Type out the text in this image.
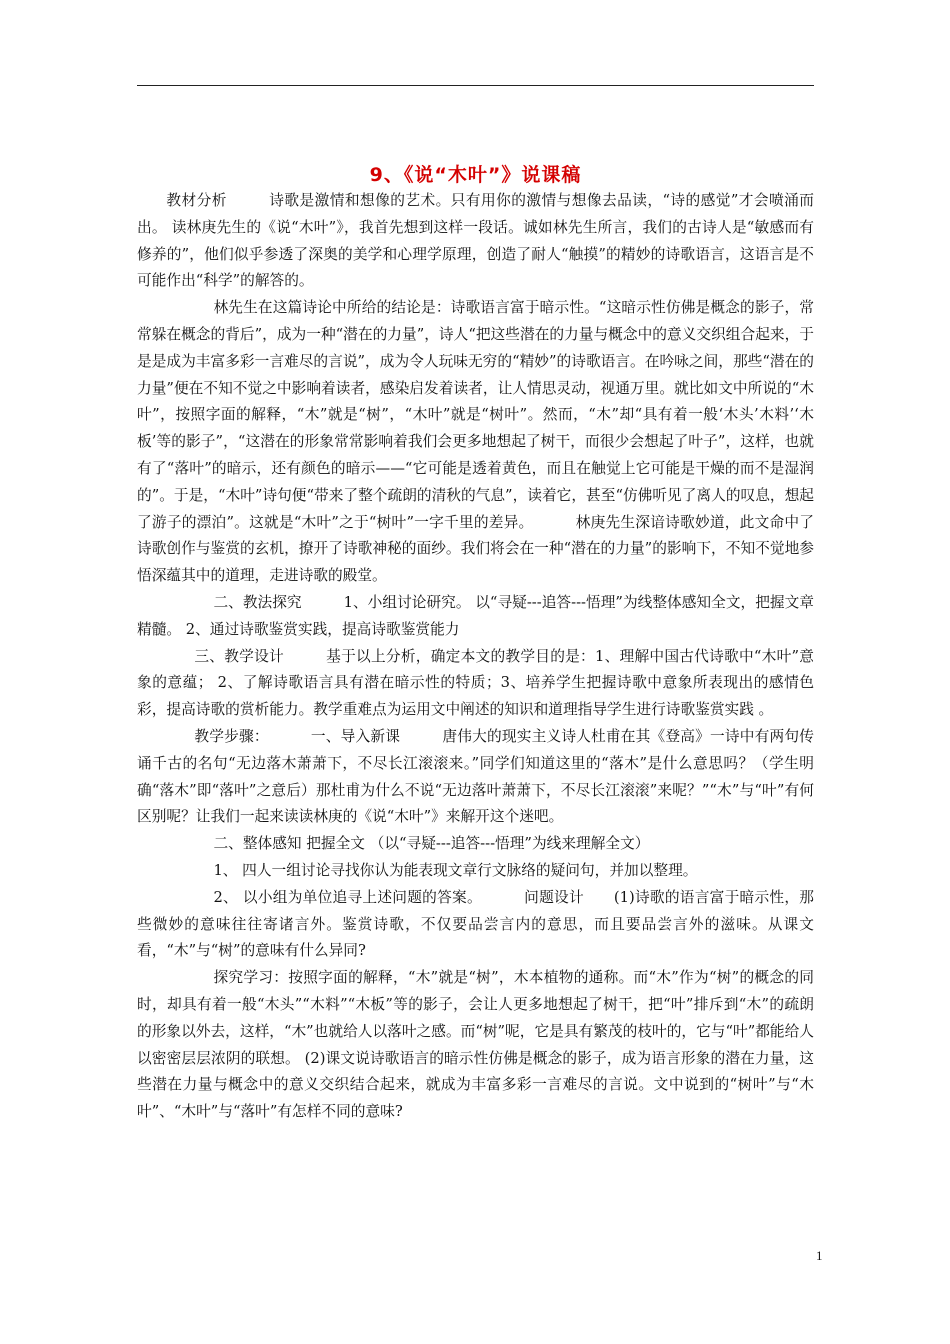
9、《说“木叶”》说课稿

教材分析	诗歌是激情和想像的艺术。只有用你的激情与想像去品读，“诗的感觉”才会喷涌而出。 读林庚先生的《说“木叶”》，我首先想到这样一段话。诚如林先生所言，我们的古诗人是“敏感而有修养的”，他们似乎参透了深奥的美学和心理学原理，创造了耐人“触摸”的精妙的诗歌语言，这语言是不可能作出“科学”的解答的。

林先生在这篇诗论中所给的结论是：诗歌语言富于暗示性。“这暗示性仿佛是概念的影子，常常躲在概念的背后”，成为一种“潜在的力量”，诗人“把这些潜在的力量与概念中的意义交织组合起来，于是是成为丰富多彩一言难尽的言说”，成为令人玩味无穷的“精妙”的诗歌语言。在吟咏之间，那些“潜在的力量”便在不知不觉之中影响着读者，感染启发着读者，让人情思灵动，视通万里。就比如文中所说的“木叶”，按照字面的解释，“木”就是“树”，“木叶”就是“树叶”。然而，“木”却“具有着一般‘木头’木料’‘木板’等的影子”，“这潜在的形象常常影响着我们会更多地想起了树干，而很少会想起了叶子”，这样，也就有了“落叶”的暗示，还有颜色的暗示——“它可能是透着黄色，而且在触觉上它可能是干燥的而不是湿润的”。于是，“木叶”诗句便“带来了整个疏朗的清秋的气息”，读着它，甚至“仿佛听见了离人的叹息，想起了游子的漂泊”。这就是“木叶”之于“树叶”一字千里的差异。	林庚先生深谙诗歌妙道，此文命中了诗歌创作与鉴赏的玄机，撩开了诗歌神秘的面纱。我们将会在一种“潜在的力量”的影响下，不知不觉地参悟深蕴其中的道理，走进诗歌的殿堂。

二、教法探究	1、小组讨论研究。 以“寻疑---追答---悟理”为线整体感知全文，把握文章精髓。 2、通过诗歌鉴赏实践，提高诗歌鉴赏能力

三、教学设计	基于以上分析，确定本文的教学目的是：1、理解中国古代诗歌中“木叶”意象的意蕴； 2、了解诗歌语言具有潜在暗示性的特质；3、培养学生把握诗歌中意象所表现出的感情色彩，提高诗歌的赏析能力。教学重难点为运用文中阐述的知识和道理指导学生进行诗歌鉴赏实践 。

教学步骤：	一、导入新课	唐伟大的现实主义诗人杜甫在其《登高》一诗中有两句传诵千古的名句“无边落木萧萧下，不尽长江滚滚来。”同学们知道这里的“落木”是什么意思吗？（学生明确“落木”即“落叶”之意后）那杜甫为什么不说“无边落叶萧萧下，不尽长江滚滚”来呢？”“木”与“叶”有何区别呢？让我们一起来读读林庚的《说“木叶”》来解开这个迷吧。

二、整体感知 把握全文 （以“寻疑---追答---悟理”为线来理解全文）

1、 四人一组讨论寻找你认为能表现文章行文脉络的疑问句，并加以整理。

2、 以小组为单位追寻上述问题的答案。	问题设计 (1)诗歌的语言富于暗示性，那些微妙的意味往往寄诸言外。鉴赏诗歌，不仅要品尝言内的意思，而且要品尝言外的滋味。从课文看，“木”与“树”的意味有什么异同?

探究学习：按照字面的解释，“木”就是“树”，木本植物的通称。而“木”作为“树”的概念的同时，却具有着一般“木头”“木料”“木板”等的影子，会让人更多地想起了树干，把“叶”排斥到“木”的疏朗的形象以外去，这样，“木”也就给人以落叶之感。而“树”呢，它是具有繁茂的枝叶的，它与“叶”都能给人以密密层层浓阴的联想。 (2)课文说诗歌语言的暗示性仿佛是概念的影子，成为语言形象的潜在力量，这些潜在力量与概念中的意义交织结合起来，就成为丰富多彩一言难尽的言说。文中说到的“树叶”与“木叶”、“木叶”与“落叶”有怎样不同的意味?

1
